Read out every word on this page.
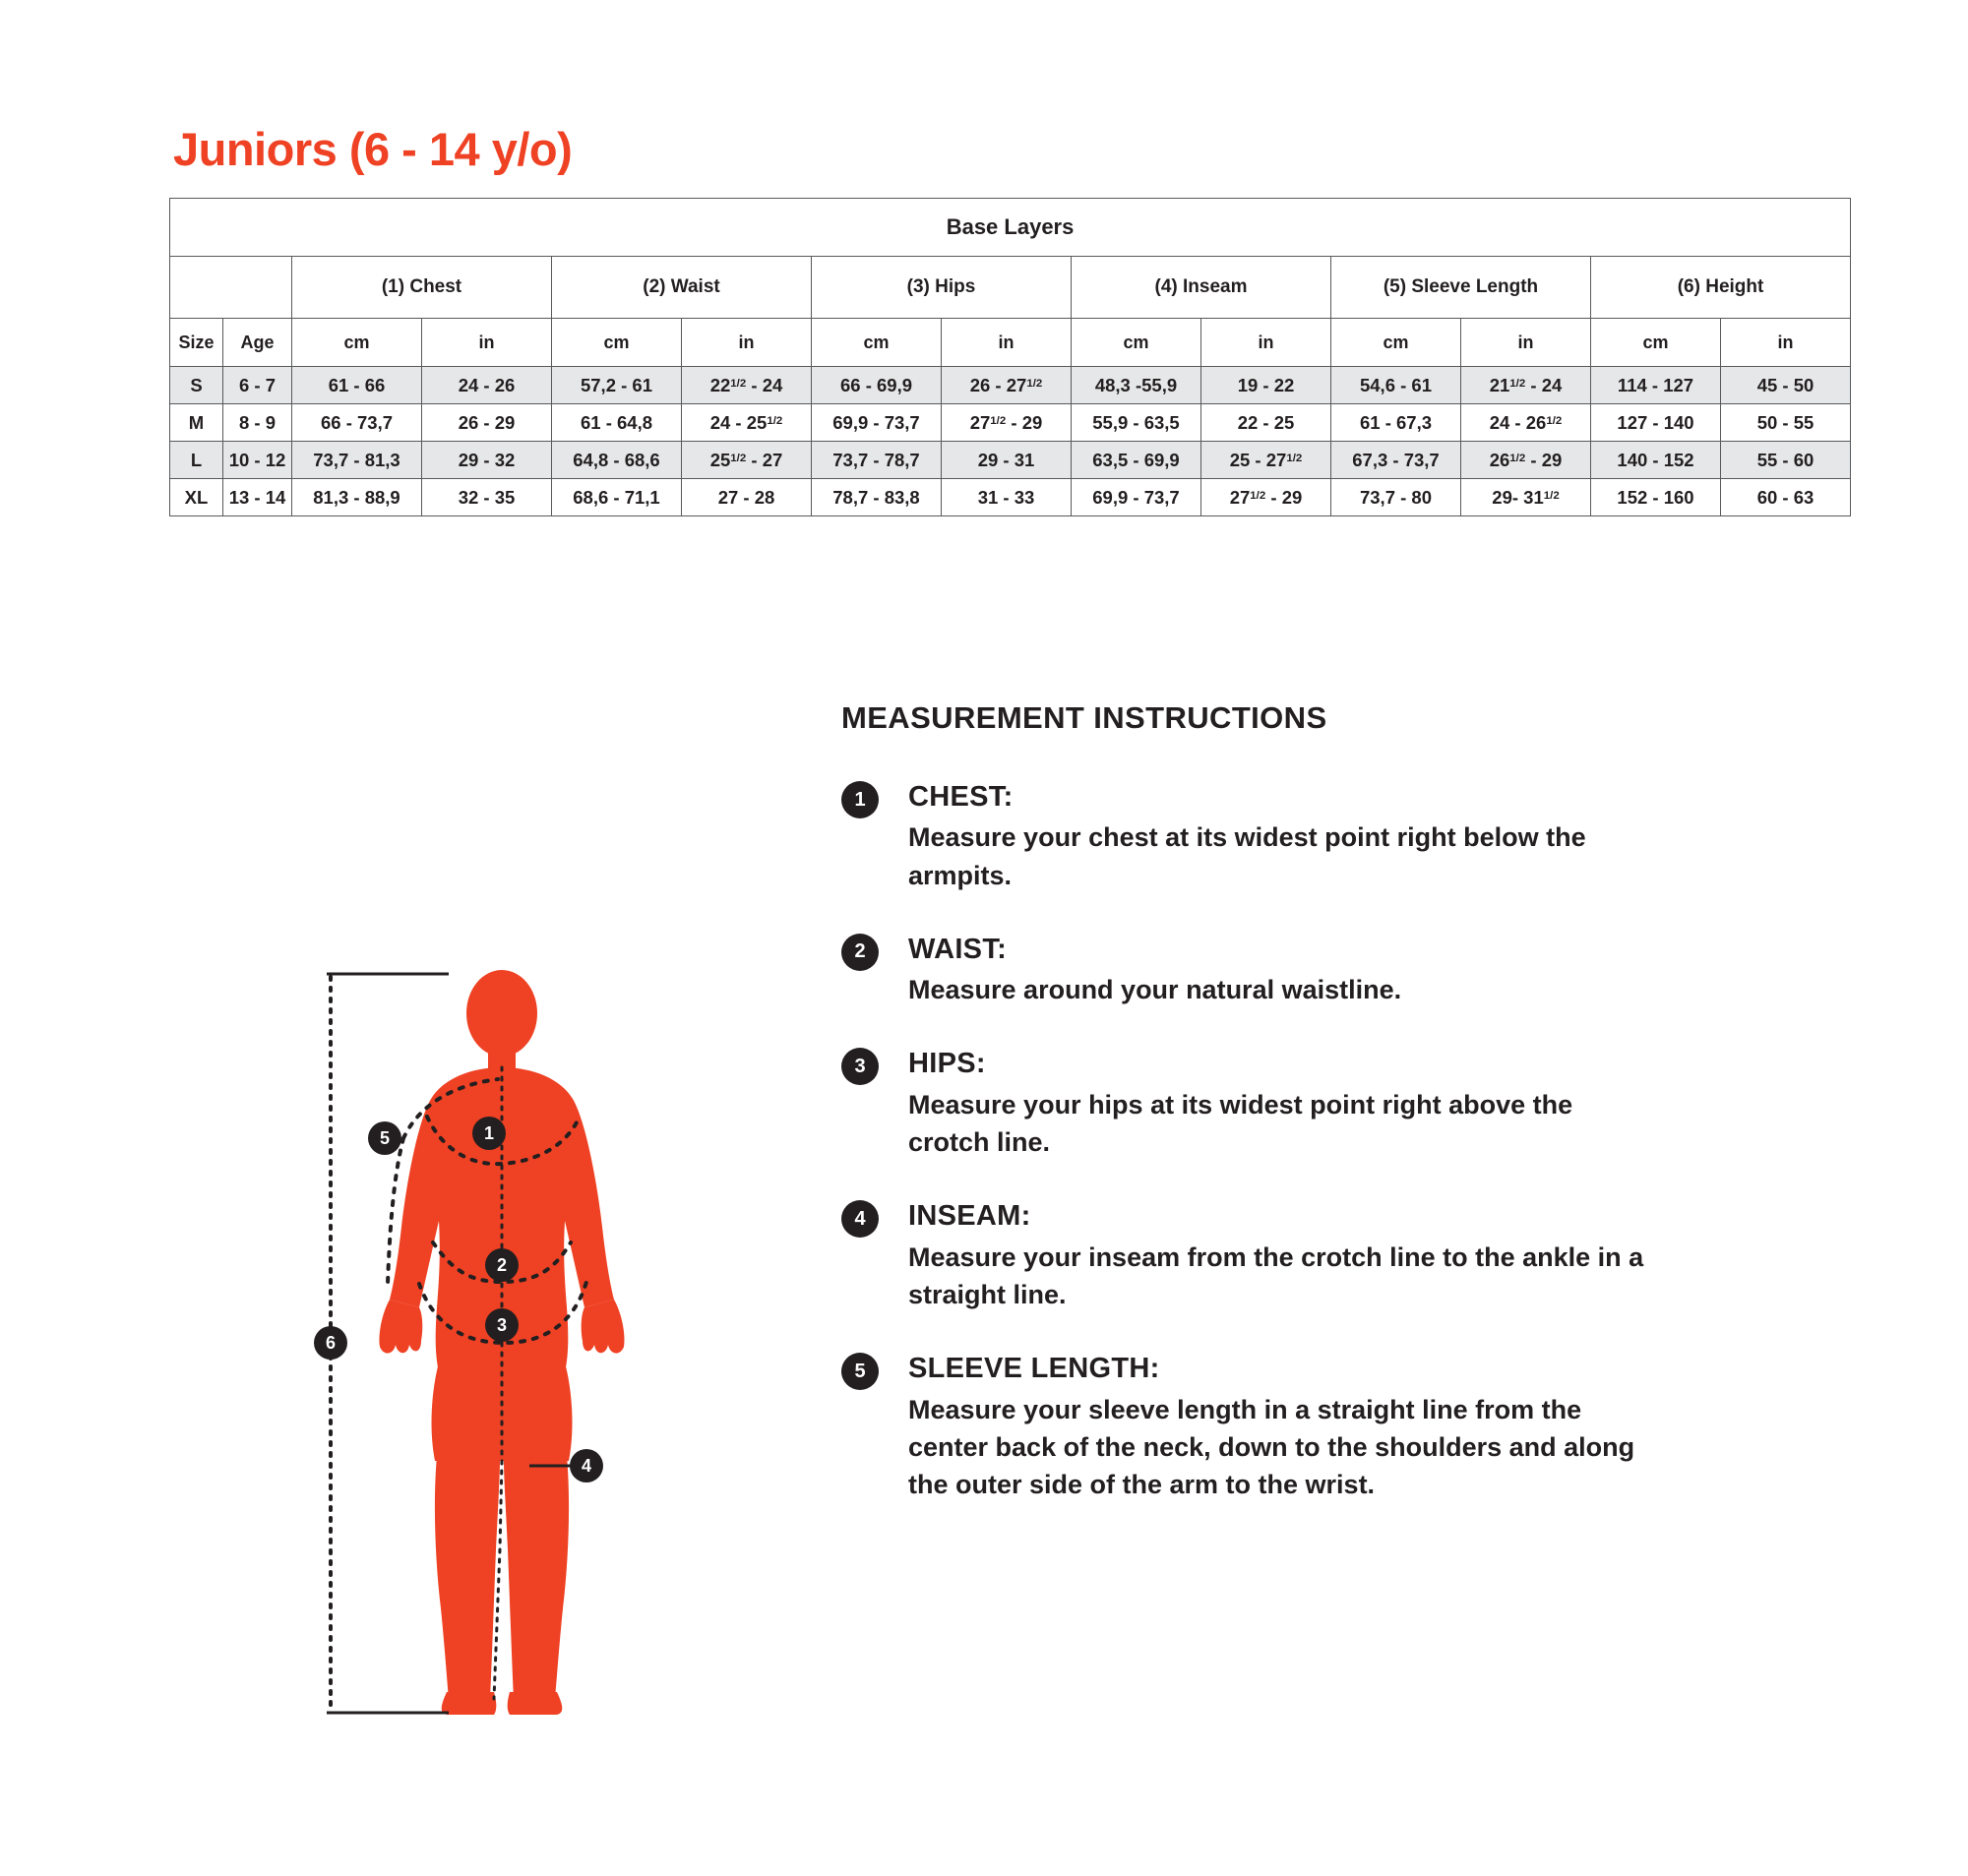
Juniors (6 - 14 y/o)
Base Layers													
		(1) Chest		(2) Waist		(3) Hips		(4) Inseam		(5) Sleeve Length		(6) Height	
Size	Age	cm	in	cm	in	cm	in	cm	in	cm	in	cm	in
S	6 - 7	61 - 66	24 - 26	57,2 - 61	$22^{1/2} - 24$	66 - 69,9	$26 - 27^{1/2}$	48,3 -55,9	19 - 22	54,6 - 61	$21^{1/2} - 24$	114 - 127	45 - 50
M	8 - 9	66 - 73,7	26 - 29	61 - 64,8	$24 - 25^{1/2}$	69,9 - 73,7	$27^{1/2} - 29$	55,9 - 63,5	22 - 25	61 - 67,3	$24 - 26^{1/2}$	127 - 140	50 - 55
L	10 - 12	73,7 - 81,3	29 - 32	64,8 - 68,6	$25^{1/2} - 27$	73,7 - 78,7	29 - 31	63,5 - 69,9	$25 - 27^{1/2}$	67,3 - 73,7	$26^{1/2} - 29$	140 - 152	55 - 60
XL	13 - 14	81,3 - 88,9	32 - 35	68,6 - 71,1	27 - 28	78,7 - 83,8	31 - 33	69,9 - 73,7	$27^{1/2} - 29$	73,7 - 80	29- $31^{1/2}$	152 - 160	60 - 63
MEASUREMENT INSTRUCTIONS
1	CHEST:
Measure your chest at its widest point right below the armpits.
2	WAIST:
Measure around your natural waistline.
3	HIPS:
Measure your hips at its widest point right above the crotch line.
4	INSEAM:
Measure your inseam from the crotch line to the ankle in a straight line.
5	SLEEVE LENGTH:
Measure your sleeve length in a straight line from the center back of the neck, down to the shoulders and along the outer side of the arm to the wrist.
1
2
3
4
5
6
